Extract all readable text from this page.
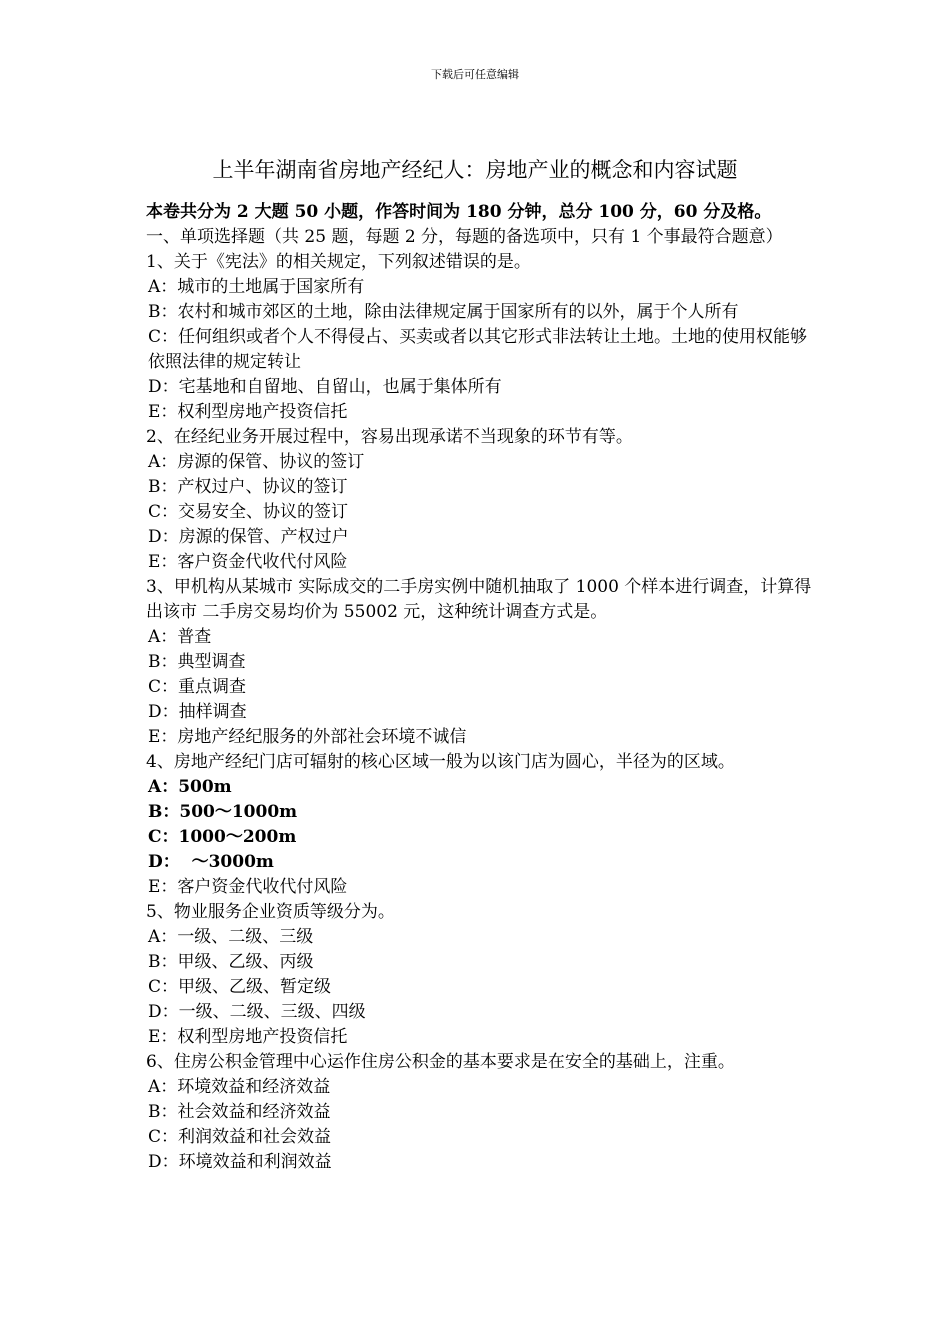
下载后可任意编辑
上半年湖南省房地产经纪人：房地产业的概念和内容试题
本卷共分为 2 大题 50 小题，作答时间为 180 分钟，总分 100 分，60 分及格。
一、单项选择题（共 25 题，每题 2 分，每题的备选项中，只有 1 个事最符合题意）
1、关于《宪法》的相关规定，下列叙述错误的是。
A：城市的土地属于国家所有
B：农村和城市郊区的土地，除由法律规定属于国家所有的以外，属于个人所有
C：任何组织或者个人不得侵占、买卖或者以其它形式非法转让土地。土地的使用权能够依照法律的规定转让
D：宅基地和自留地、自留山，也属于集体所有
E：权利型房地产投资信托
2、在经纪业务开展过程中，容易出现承诺不当现象的环节有等。
A：房源的保管、协议的签订
B：产权过户、协议的签订
C：交易安全、协议的签订
D：房源的保管、产权过户
E：客户资金代收代付风险
3、甲机构从某城市 实际成交的二手房实例中随机抽取了 1000 个样本进行调查，计算得出该市 二手房交易均价为 55002 元，这种统计调查方式是。
A：普查
B：典型调查
C：重点调查
D：抽样调查
E：房地产经纪服务的外部社会环境不诚信
4、房地产经纪门店可辐射的核心区域一般为以该门店为圆心，半径为的区域。
A：500m
B：500～1000m
C：1000～200m
D：  ～3000m
E：客户资金代收代付风险
5、物业服务企业资质等级分为。
A：一级、二级、三级
B：甲级、乙级、丙级
C：甲级、乙级、暂定级
D：一级、二级、三级、四级
E：权利型房地产投资信托
6、住房公积金管理中心运作住房公积金的基本要求是在安全的基础上，注重。
A：环境效益和经济效益
B：社会效益和经济效益
C：利润效益和社会效益
D：环境效益和利润效益
